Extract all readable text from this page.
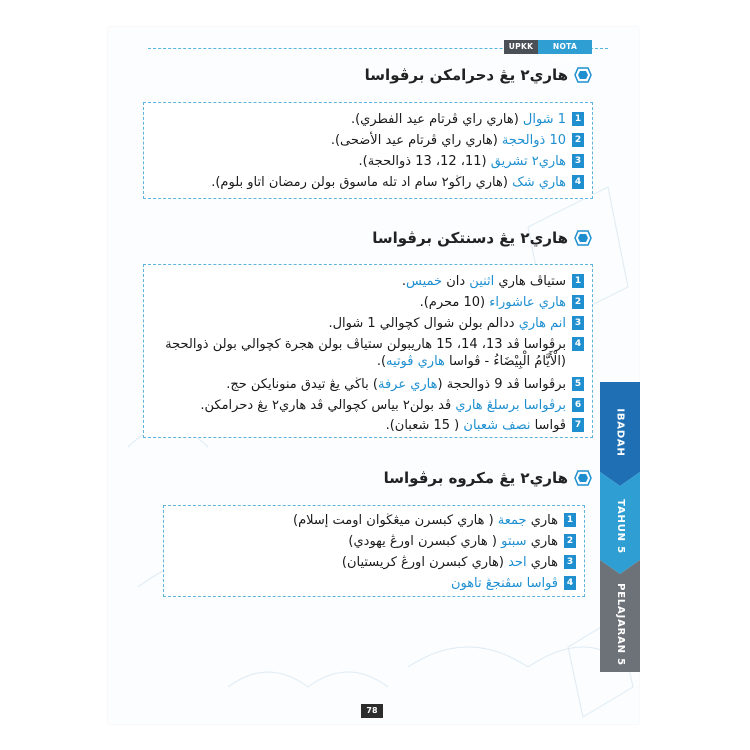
UPKK	NOTA PADAT
هاري٢ يڠ دحرامكن برڤواسا
1
1 شوال (هاري راي ڤرتام عيد الفطري).
2
10 ذوالحجة (هاري راي ڤرتام عيد الأضحى).
3
هاري٢ تشريق (11، 12، 13 ذوالحجة).
4
هاري شک (هاري راڬو٢ سام اد تله ماسوق بولن رمضان اتاو بلوم).
هاري٢ يڠ دسنتكن برڤواسا
1
ستياڤ هاري اثنين دان خميس.
2
هاري عاشوراء (10 محرم).
3
انم هاري ددالم بولن شوال كچوالي 1 شوال.
4
برڤواسا ڤد 13، 14، 15 هاريبولن ستياڤ بولن هجرة كچوالي بولن ذوالحجة
(الْأَيَّامُ الْبِيْضَاءُ - ڤواسا هاري ڤوتيه).
5
برڤواسا ڤد 9 ذوالحجة (هاري عرفة) باڬي يڠ تيدق منونايكن حج.
6
برڤواسا برسلڠ هاري ڤد بولن٢ بياس كچوالي ڤد هاري٢ يڠ دحرامكن.
7
ڤواسا نصف شعبان ( 15 شعبان).
هاري٢ يڠ مكروه برڤواسا
1
هاري جمعة ( هاري كبسرن ميڠڬوان اومت إسلام)
2
هاري سبتو ( هاري كبسرن اورڠ يهودي)
3
هاري احد (هاري كبسرن اورڠ كريستيان)
4
ڤواسا سڤنجڠ تاهون
78
IBADAH
TAHUN 5
PELAJARAN 5
